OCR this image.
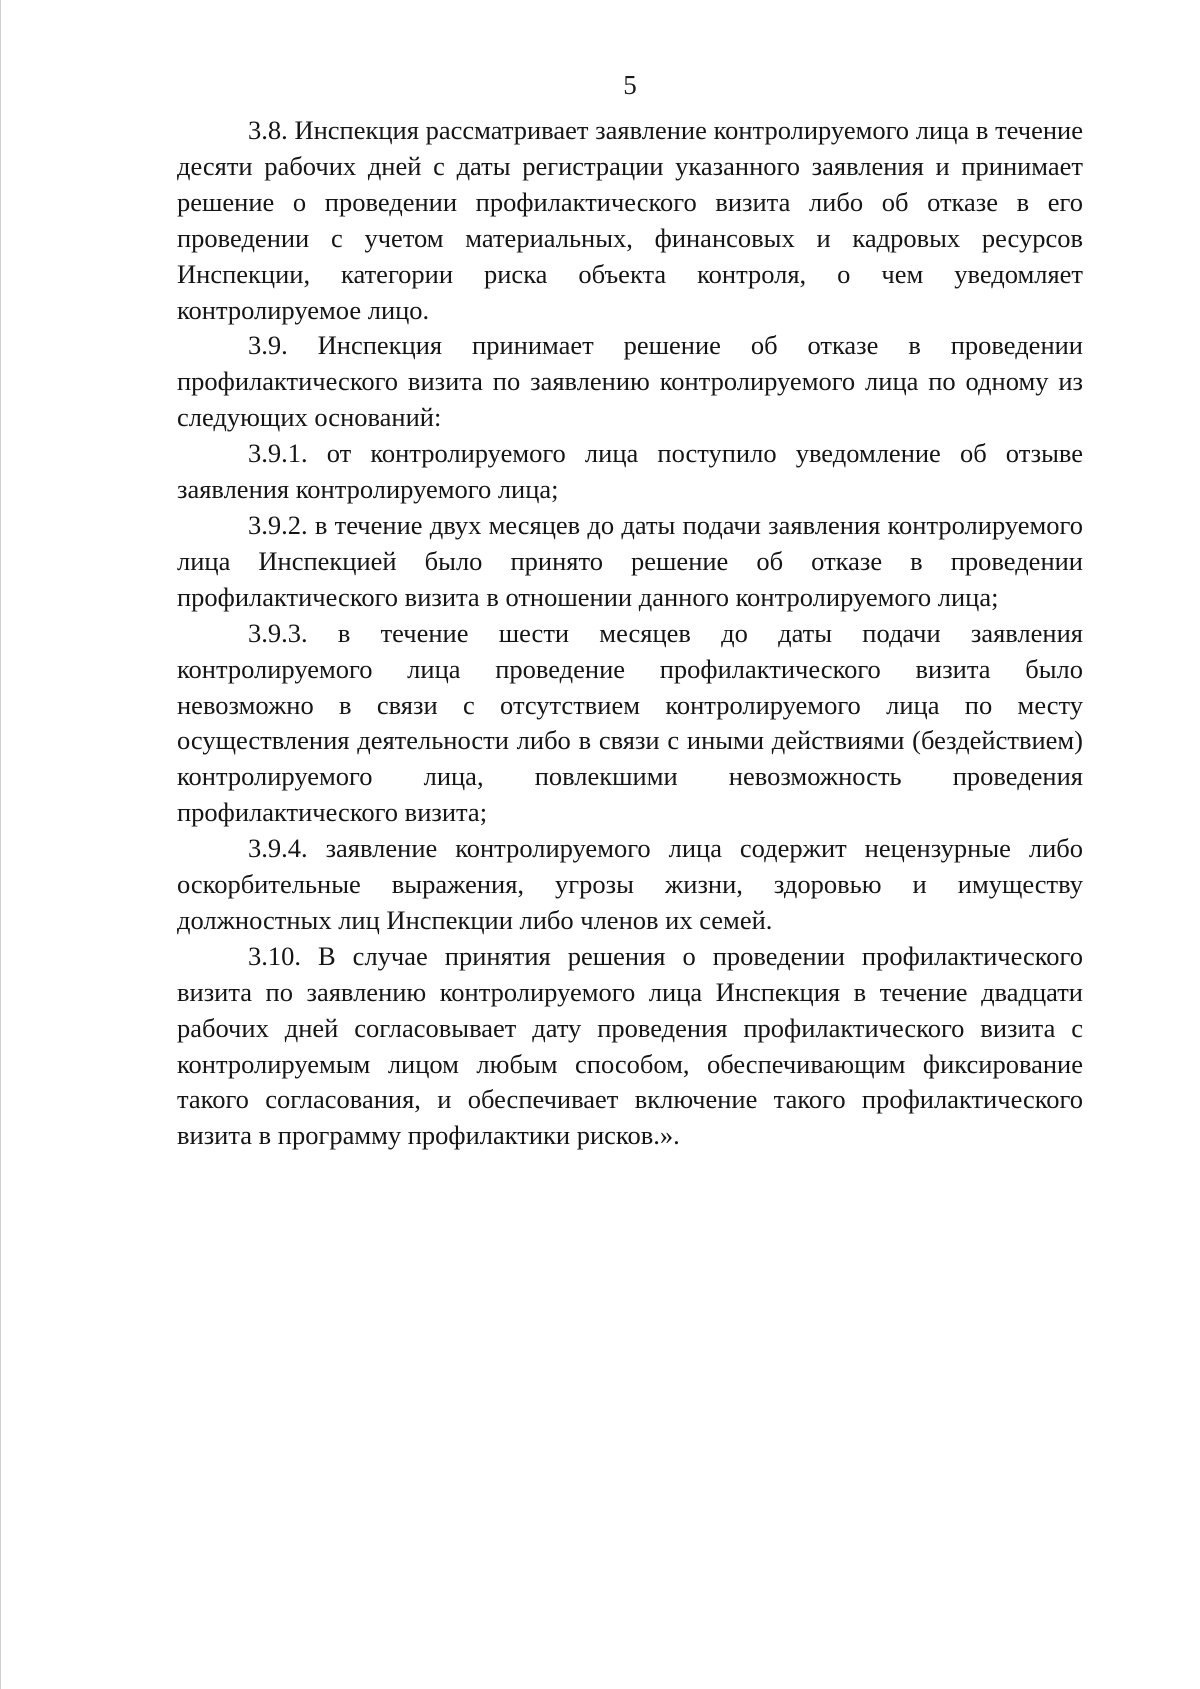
5

3.8. Инспекция рассматривает заявление контролируемого лица в течение десяти рабочих дней с даты регистрации указанного заявления и принимает решение о проведении профилактического визита либо об отказе в его проведении с учетом материальных, финансовых и кадровых ресурсов Инспекции, категории риска объекта контроля, о чем уведомляет контролируемое лицо.

3.9. Инспекция принимает решение об отказе в проведении профилактического визита по заявлению контролируемого лица по одному из следующих оснований:

3.9.1. от контролируемого лица поступило уведомление об отзыве заявления контролируемого лица;

3.9.2. в течение двух месяцев до даты подачи заявления контролируемого лица Инспекцией было принято решение об отказе в проведении профилактического визита в отношении данного контролируемого лица;

3.9.3. в течение шести месяцев до даты подачи заявления контролируемого лица проведение профилактического визита было невозможно в связи с отсутствием контролируемого лица по месту осуществления деятельности либо в связи с иными действиями (бездействием) контролируемого лица, повлекшими невозможность проведения профилактического визита;

3.9.4. заявление контролируемого лица содержит нецензурные либо оскорбительные выражения, угрозы жизни, здоровью и имуществу должностных лиц Инспекции либо членов их семей.

3.10. В случае принятия решения о проведении профилактического визита по заявлению контролируемого лица Инспекция в течение двадцати рабочих дней согласовывает дату проведения профилактического визита с контролируемым лицом любым способом, обеспечивающим фиксирование такого согласования, и обеспечивает включение такого профилактического визита в программу профилактики рисков.».
